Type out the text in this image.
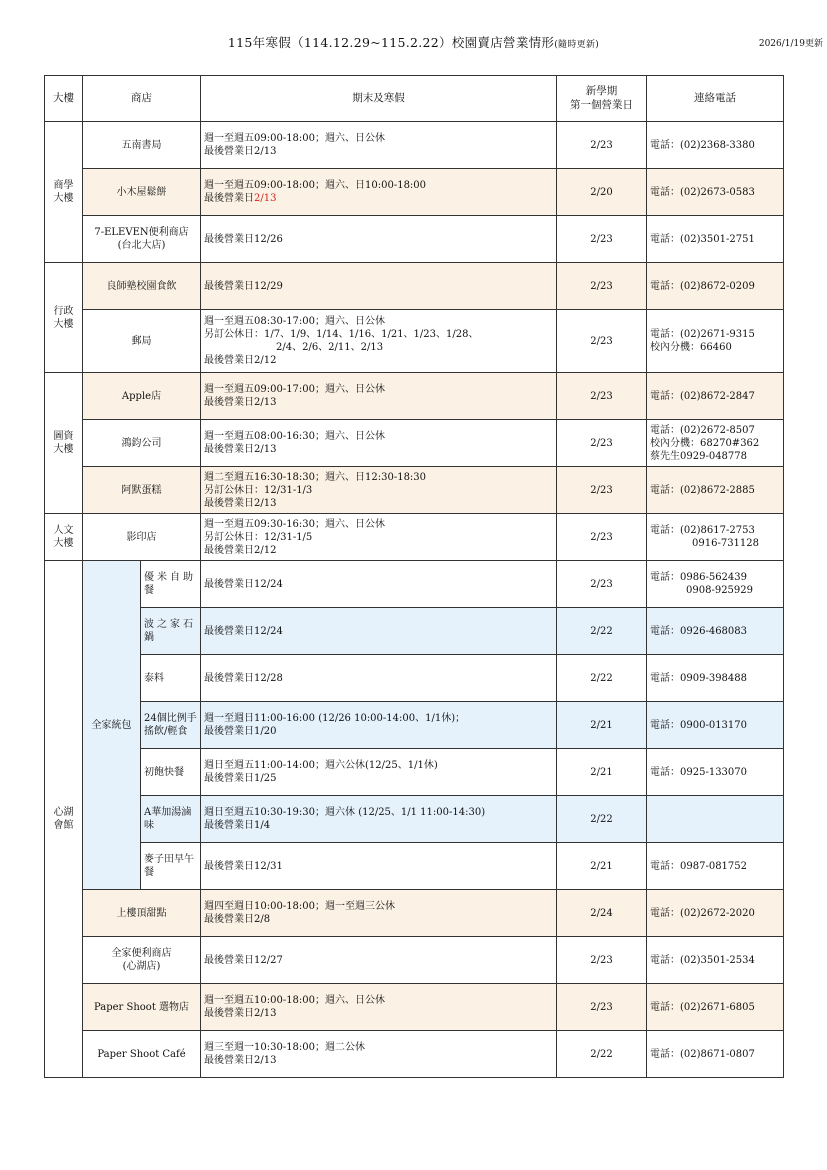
115年寒假（114.12.29~115.2.22）校園賣店營業情形(隨時更新)	2026/1/19更新
大樓	商店		期末及寒假	新學期
第一個營業日	連絡電話
商學
大樓	五南書局		週一至週五09:00-18:00；週六、日公休
最後營業日2/13	2/23	電話：(02)2368-3380
	小木屋鬆餅		週一至週五09:00-18:00；週六、日10:00-18:00
最後營業日2/13	2/20	電話：(02)2673-0583
	7-ELEVEN便利商店
(台北大店)		最後營業日12/26	2/23	電話：(02)3501-2751
行政
大樓	良師塾校園食飲		最後營業日12/29	2/23	電話：(02)8672-0209
	郵局		週一至週五08:30-17:00；週六、日公休
另訂公休日：1/7、1/9、1/14、1/16、1/21、1/23、1/28、

2/4、2/6、2/11、2/13
最後營業日2/12	2/23	電話：(02)2671-9315
校內分機：66460
圖資
大樓	Apple店		週一至週五09:00-17:00；週六、日公休
最後營業日2/13	2/23	電話：(02)8672-2847
	鴻鈞公司		週一至週五08:00-16:30；週六、日公休
最後營業日2/13	2/23	電話：(02)2672-8507
校內分機：68270#362
蔡先生0929-048778
	阿默蛋糕		週二至週五16:30-18:30；週六、日12:30-18:30
另訂公休日：12/31-1/3
最後營業日2/13	2/23	電話：(02)8672-2885
人文
大樓	影印店		週一至週五09:30-16:30；週六、日公休
另訂公休日：12/31-1/5
最後營業日2/12	2/23	電話：(02)8617-2753
0916-731128
心湖
會館	全家統包	優米自助餐	最後營業日12/24	2/23	電話：0986-562439
0908-925929
		波之家石鍋	最後營業日12/24	2/22	電話：0926-468083
		泰料	最後營業日12/28	2/22	電話：0909-398488
		24個比例手搖飲/輕食	週一至週日11:00-16:00 (12/26 10:00-14:00、1/1休)；
最後營業日1/20	2/21	電話：0900-013170
		初飽快餐	週日至週五11:00-14:00；週六公休(12/25、1/1休)
最後營業日1/25	2/21	電話：0925-133070
		A華加湯滷味	週日至週五10:30-19:30；週六休 (12/25、1/1 11:00-14:30)
最後營業日1/4	2/22	
		麥子田早午餐	最後營業日12/31	2/21	電話：0987-081752
	上樓頂甜點		週四至週日10:00-18:00；週一至週三公休
最後營業日2/8	2/24	電話：(02)2672-2020
	全家便利商店
(心湖店)		最後營業日12/27	2/23	電話：(02)3501-2534
	Paper Shoot 選物店		週一至週五10:00-18:00；週六、日公休
最後營業日2/13	2/23	電話：(02)2671-6805
	Paper Shoot Café		週三至週一10:30-18:00；週二公休
最後營業日2/13	2/22	電話：(02)8671-0807
